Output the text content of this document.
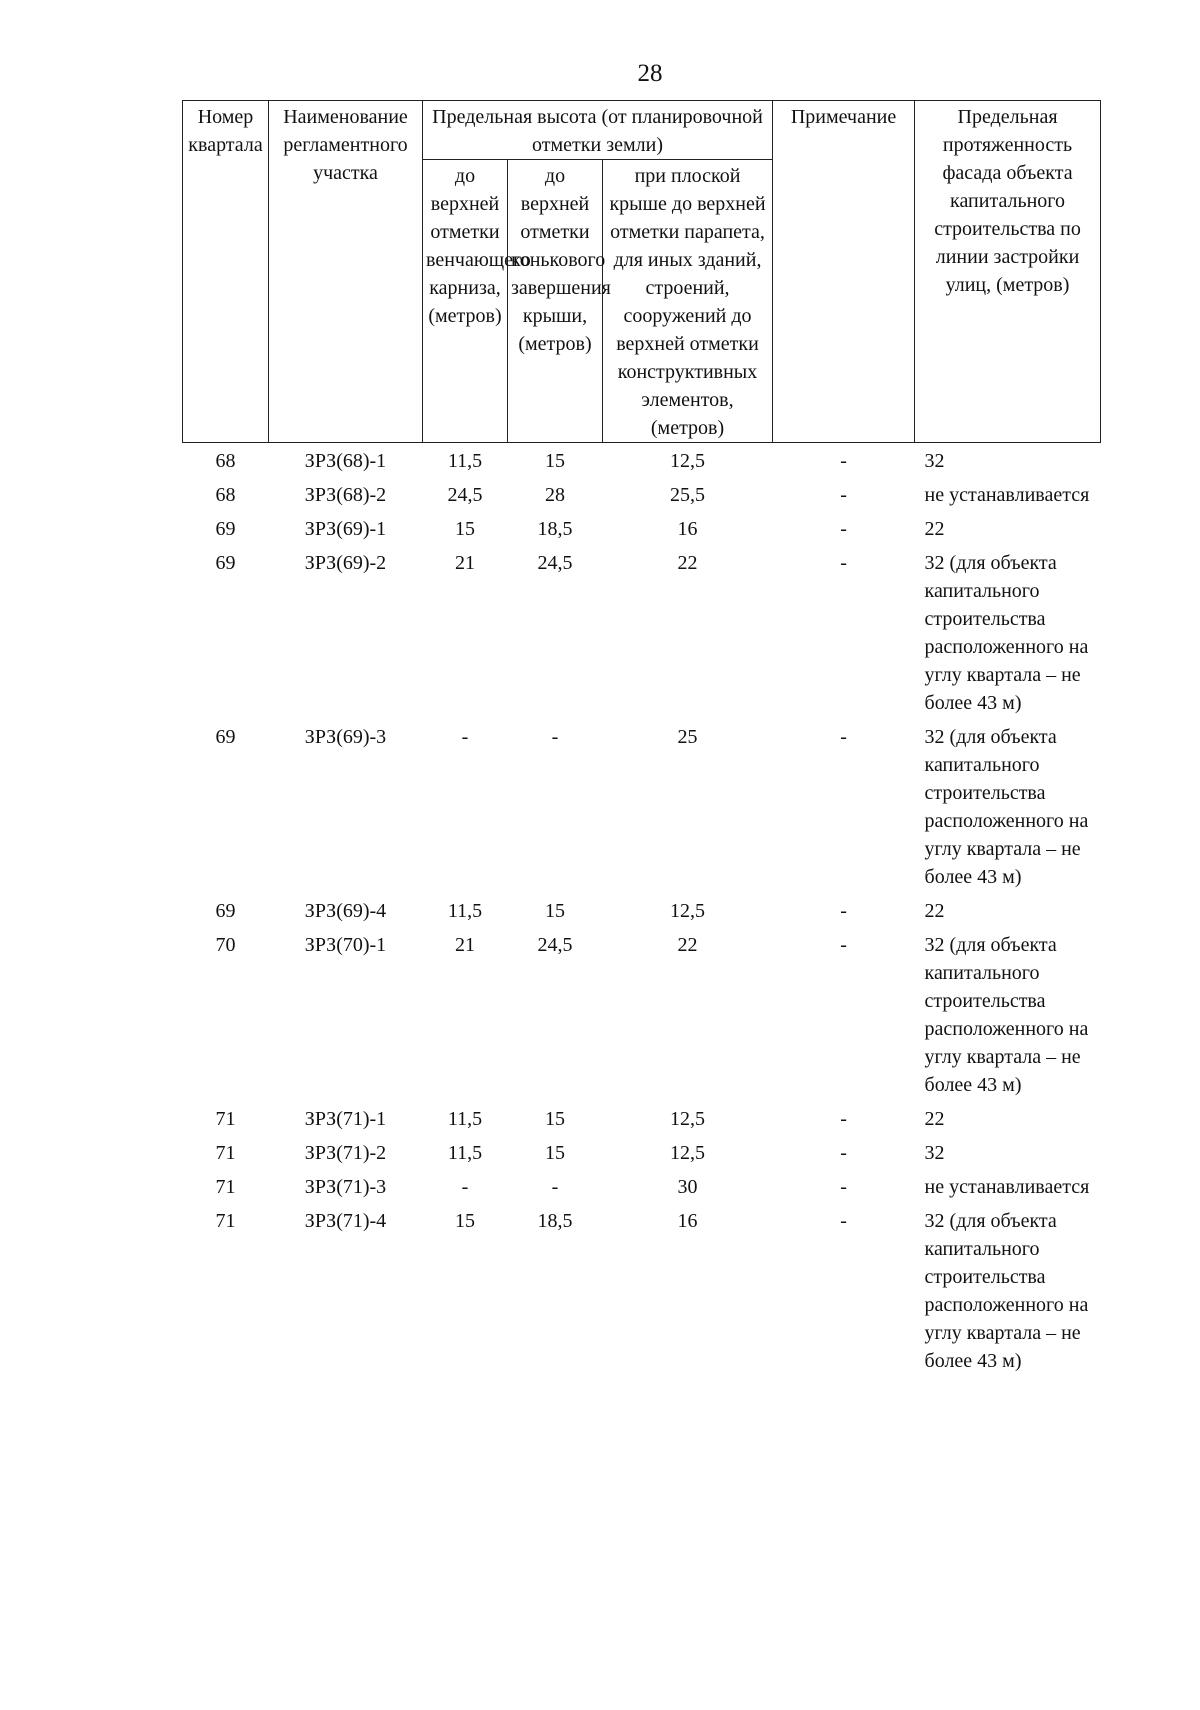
28
Номер квартала	Наименование регламентного участка	Предельная высота (от планировочной отметки земли)			Примечание	Предельная протяженность фасада объекта капитального строительства по линии застройки улиц, (метров)
		до верхней отметки венчающего карниза, (метров)	до верхней отметки конькового завершения крыши, (метров)	при плоской крыше до верхней отметки парапета, для иных зданий, строений, сооружений до верхней отметки конструктивных элементов, (метров)		
68	ЗРЗ(68)-1	11,5	15	12,5	-	32
68	ЗРЗ(68)-2	24,5	28	25,5	-	не устанавливается
69	ЗРЗ(69)-1	15	18,5	16	-	22
69	ЗРЗ(69)-2	21	24,5	22	-	32 (для объекта капитального строительства расположенного на углу квартала – не более 43 м)
69	ЗРЗ(69)-3	-	-	25	-	32 (для объекта капитального строительства расположенного на углу квартала – не более 43 м)
69	ЗРЗ(69)-4	11,5	15	12,5	-	22
70	ЗРЗ(70)-1	21	24,5	22	-	32 (для объекта капитального строительства расположенного на углу квартала – не более 43 м)
71	ЗРЗ(71)-1	11,5	15	12,5	-	22
71	ЗРЗ(71)-2	11,5	15	12,5	-	32
71	ЗРЗ(71)-3	-	-	30	-	не устанавливается
71	ЗРЗ(71)-4	15	18,5	16	-	32 (для объекта капитального строительства расположенного на углу квартала – не более 43 м)
